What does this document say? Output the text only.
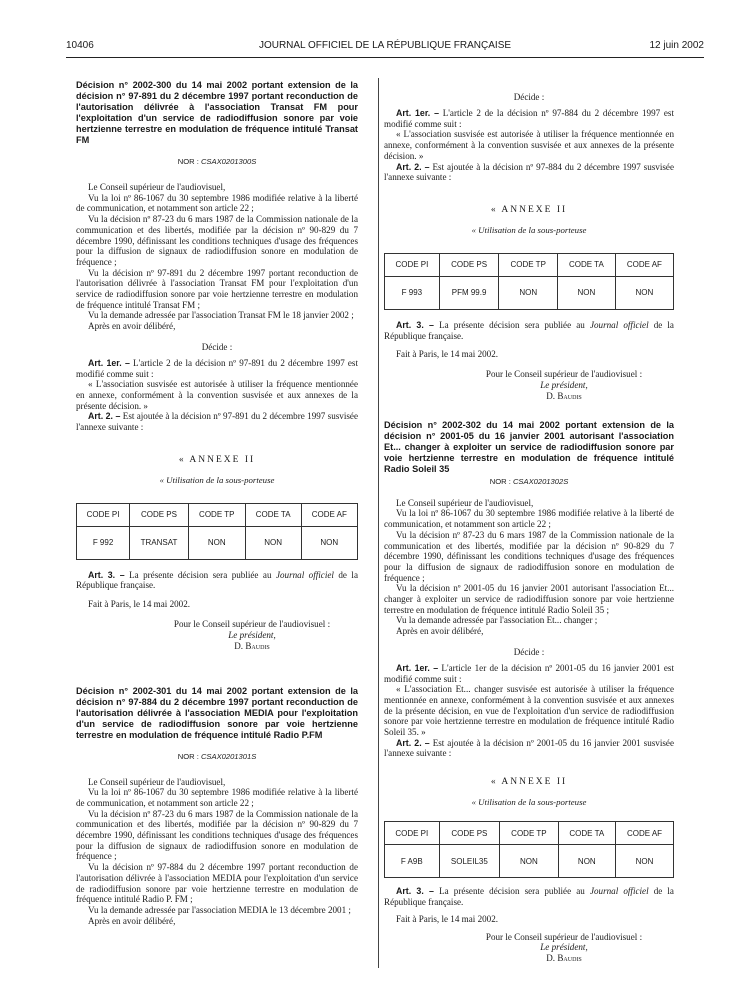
10406	JOURNAL OFFICIEL DE LA RÉPUBLIQUE FRANÇAISE	12 juin 2002
Décision n° 2002-300 du 14 mai 2002 portant extension de la décision n° 97-891 du 2 décembre 1997 portant reconduction de l'autorisation délivrée à l'association Transat FM pour l'exploitation d'un service de radiodiffusion sonore par voie hertzienne terrestre en modulation de fréquence intitulé Transat FM
NOR : CSAX0201300S

Le Conseil supérieur de l'audiovisuel,

Vu la loi nº 86-1067 du 30 septembre 1986 modifiée relative à la liberté de communication, et notamment son article 22 ;

Vu la décision nº 87-23 du 6 mars 1987 de la Commission nationale de la communication et des libertés, modifiée par la décision nº 90-829 du 7 décembre 1990, définissant les conditions techniques d'usage des fréquences pour la diffusion de signaux de radiodiffusion sonore en modulation de fréquence ;

Vu la décision nº 97-891 du 2 décembre 1997 portant reconduction de l'autorisation délivrée à l'association Transat FM pour l'exploitation d'un service de radiodiffusion sonore par voie hertzienne terrestre en modulation de fréquence intitulé Transat FM ;

Vu la demande adressée par l'association Transat FM le 18 janvier 2002 ;

Après en avoir délibéré,

Décide :

Art. 1er. – L'article 2 de la décision nº 97-891 du 2 décembre 1997 est modifié comme suit :

« L'association susvisée est autorisée à utiliser la fréquence mentionnée en annexe, conformément à la convention susvisée et aux annexes de la présente décision. »

Art. 2. – Est ajoutée à la décision nº 97-891 du 2 décembre 1997 susvisée l'annexe suivante :

« ANNEXE II
« Utilisation de la sous-porteuse
CODE PI	CODE PS	CODE TP	CODE TA	CODE AF
F 992	TRANSAT	NON	NON	NON

Art. 3. – La présente décision sera publiée au Journal officiel de la République française.

Fait à Paris, le 14 mai 2002.

Pour le Conseil supérieur de l'audiovisuel :
Le président,
D. Baudis
Décision n° 2002-301 du 14 mai 2002 portant extension de la décision n° 97-884 du 2 décembre 1997 portant reconduction de l'autorisation délivrée à l'association MEDIA pour l'exploitation d'un service de radiodiffusion sonore par voie hertzienne terrestre en modulation de fréquence intitulé Radio P.FM
NOR : CSAX0201301S

Le Conseil supérieur de l'audiovisuel,

Vu la loi nº 86-1067 du 30 septembre 1986 modifiée relative à la liberté de communication, et notamment son article 22 ;

Vu la décision nº 87-23 du 6 mars 1987 de la Commission nationale de la communication et des libertés, modifiée par la décision nº 90-829 du 7 décembre 1990, définissant les conditions techniques d'usage des fréquences pour la diffusion de signaux de radiodiffusion sonore en modulation de fréquence ;

Vu la décision nº 97-884 du 2 décembre 1997 portant reconduction de l'autorisation délivrée à l'association MEDIA pour l'exploitation d'un service de radiodiffusion sonore par voie hertzienne terrestre en modulation de fréquence intitulé Radio P. FM ;

Vu la demande adressée par l'association MEDIA le 13 décembre 2001 ;

Après en avoir délibéré,

Décide :

Art. 1er. – L'article 2 de la décision nº 97-884 du 2 décembre 1997 est modifié comme suit :

« L'association susvisée est autorisée à utiliser la fréquence mentionnée en annexe, conformément à la convention susvisée et aux annexes de la présente décision. »

Art. 2. – Est ajoutée à la décision nº 97-884 du 2 décembre 1997 susvisée l'annexe suivante :

« ANNEXE II
« Utilisation de la sous-porteuse
CODE PI	CODE PS	CODE TP	CODE TA	CODE AF
F 993	PFM 99.9	NON	NON	NON

Art. 3. – La présente décision sera publiée au Journal officiel de la République française.

Fait à Paris, le 14 mai 2002.

Pour le Conseil supérieur de l'audiovisuel :
Le président,
D. Baudis
Décision n° 2002-302 du 14 mai 2002 portant extension de la décision n° 2001-05 du 16 janvier 2001 autorisant l'association Et... changer à exploiter un service de radiodiffusion sonore par voie hertzienne terrestre en modulation de fréquence intitulé Radio Soleil 35
NOR : CSAX0201302S

Le Conseil supérieur de l'audiovisuel,

Vu la loi nº 86-1067 du 30 septembre 1986 modifiée relative à la liberté de communication, et notamment son article 22 ;

Vu la décision nº 87-23 du 6 mars 1987 de la Commission nationale de la communication et des libertés, modifiée par la décision nº 90-829 du 7 décembre 1990, définissant les conditions techniques d'usage des fréquences pour la diffusion de signaux de radiodiffusion sonore en modulation de fréquence ;

Vu la décision nº 2001-05 du 16 janvier 2001 autorisant l'association Et... changer à exploiter un service de radiodiffusion sonore par voie hertzienne terrestre en modulation de fréquence intitulé Radio Soleil 35 ;

Vu la demande adressée par l'association Et... changer ;

Après en avoir délibéré,

Décide :

Art. 1er. – L'article 1er de la décision nº 2001-05 du 16 janvier 2001 est modifié comme suit :

« L'association Et... changer susvisée est autorisée à utiliser la fréquence mentionnée en annexe, conformément à la convention susvisée et aux annexes de la présente décision, en vue de l'exploitation d'un service de radiodiffusion sonore par voie hertzienne terrestre en modulation de fréquence intitulé Radio Soleil 35. »

Art. 2. – Est ajoutée à la décision nº 2001-05 du 16 janvier 2001 susvisée l'annexe suivante :

« ANNEXE II
« Utilisation de la sous-porteuse
CODE PI	CODE PS	CODE TP	CODE TA	CODE AF
F A9B	SOLEIL35	NON	NON	NON

Art. 3. – La présente décision sera publiée au Journal officiel de la République française.

Fait à Paris, le 14 mai 2002.

Pour le Conseil supérieur de l'audiovisuel :
Le président,
D. Baudis
